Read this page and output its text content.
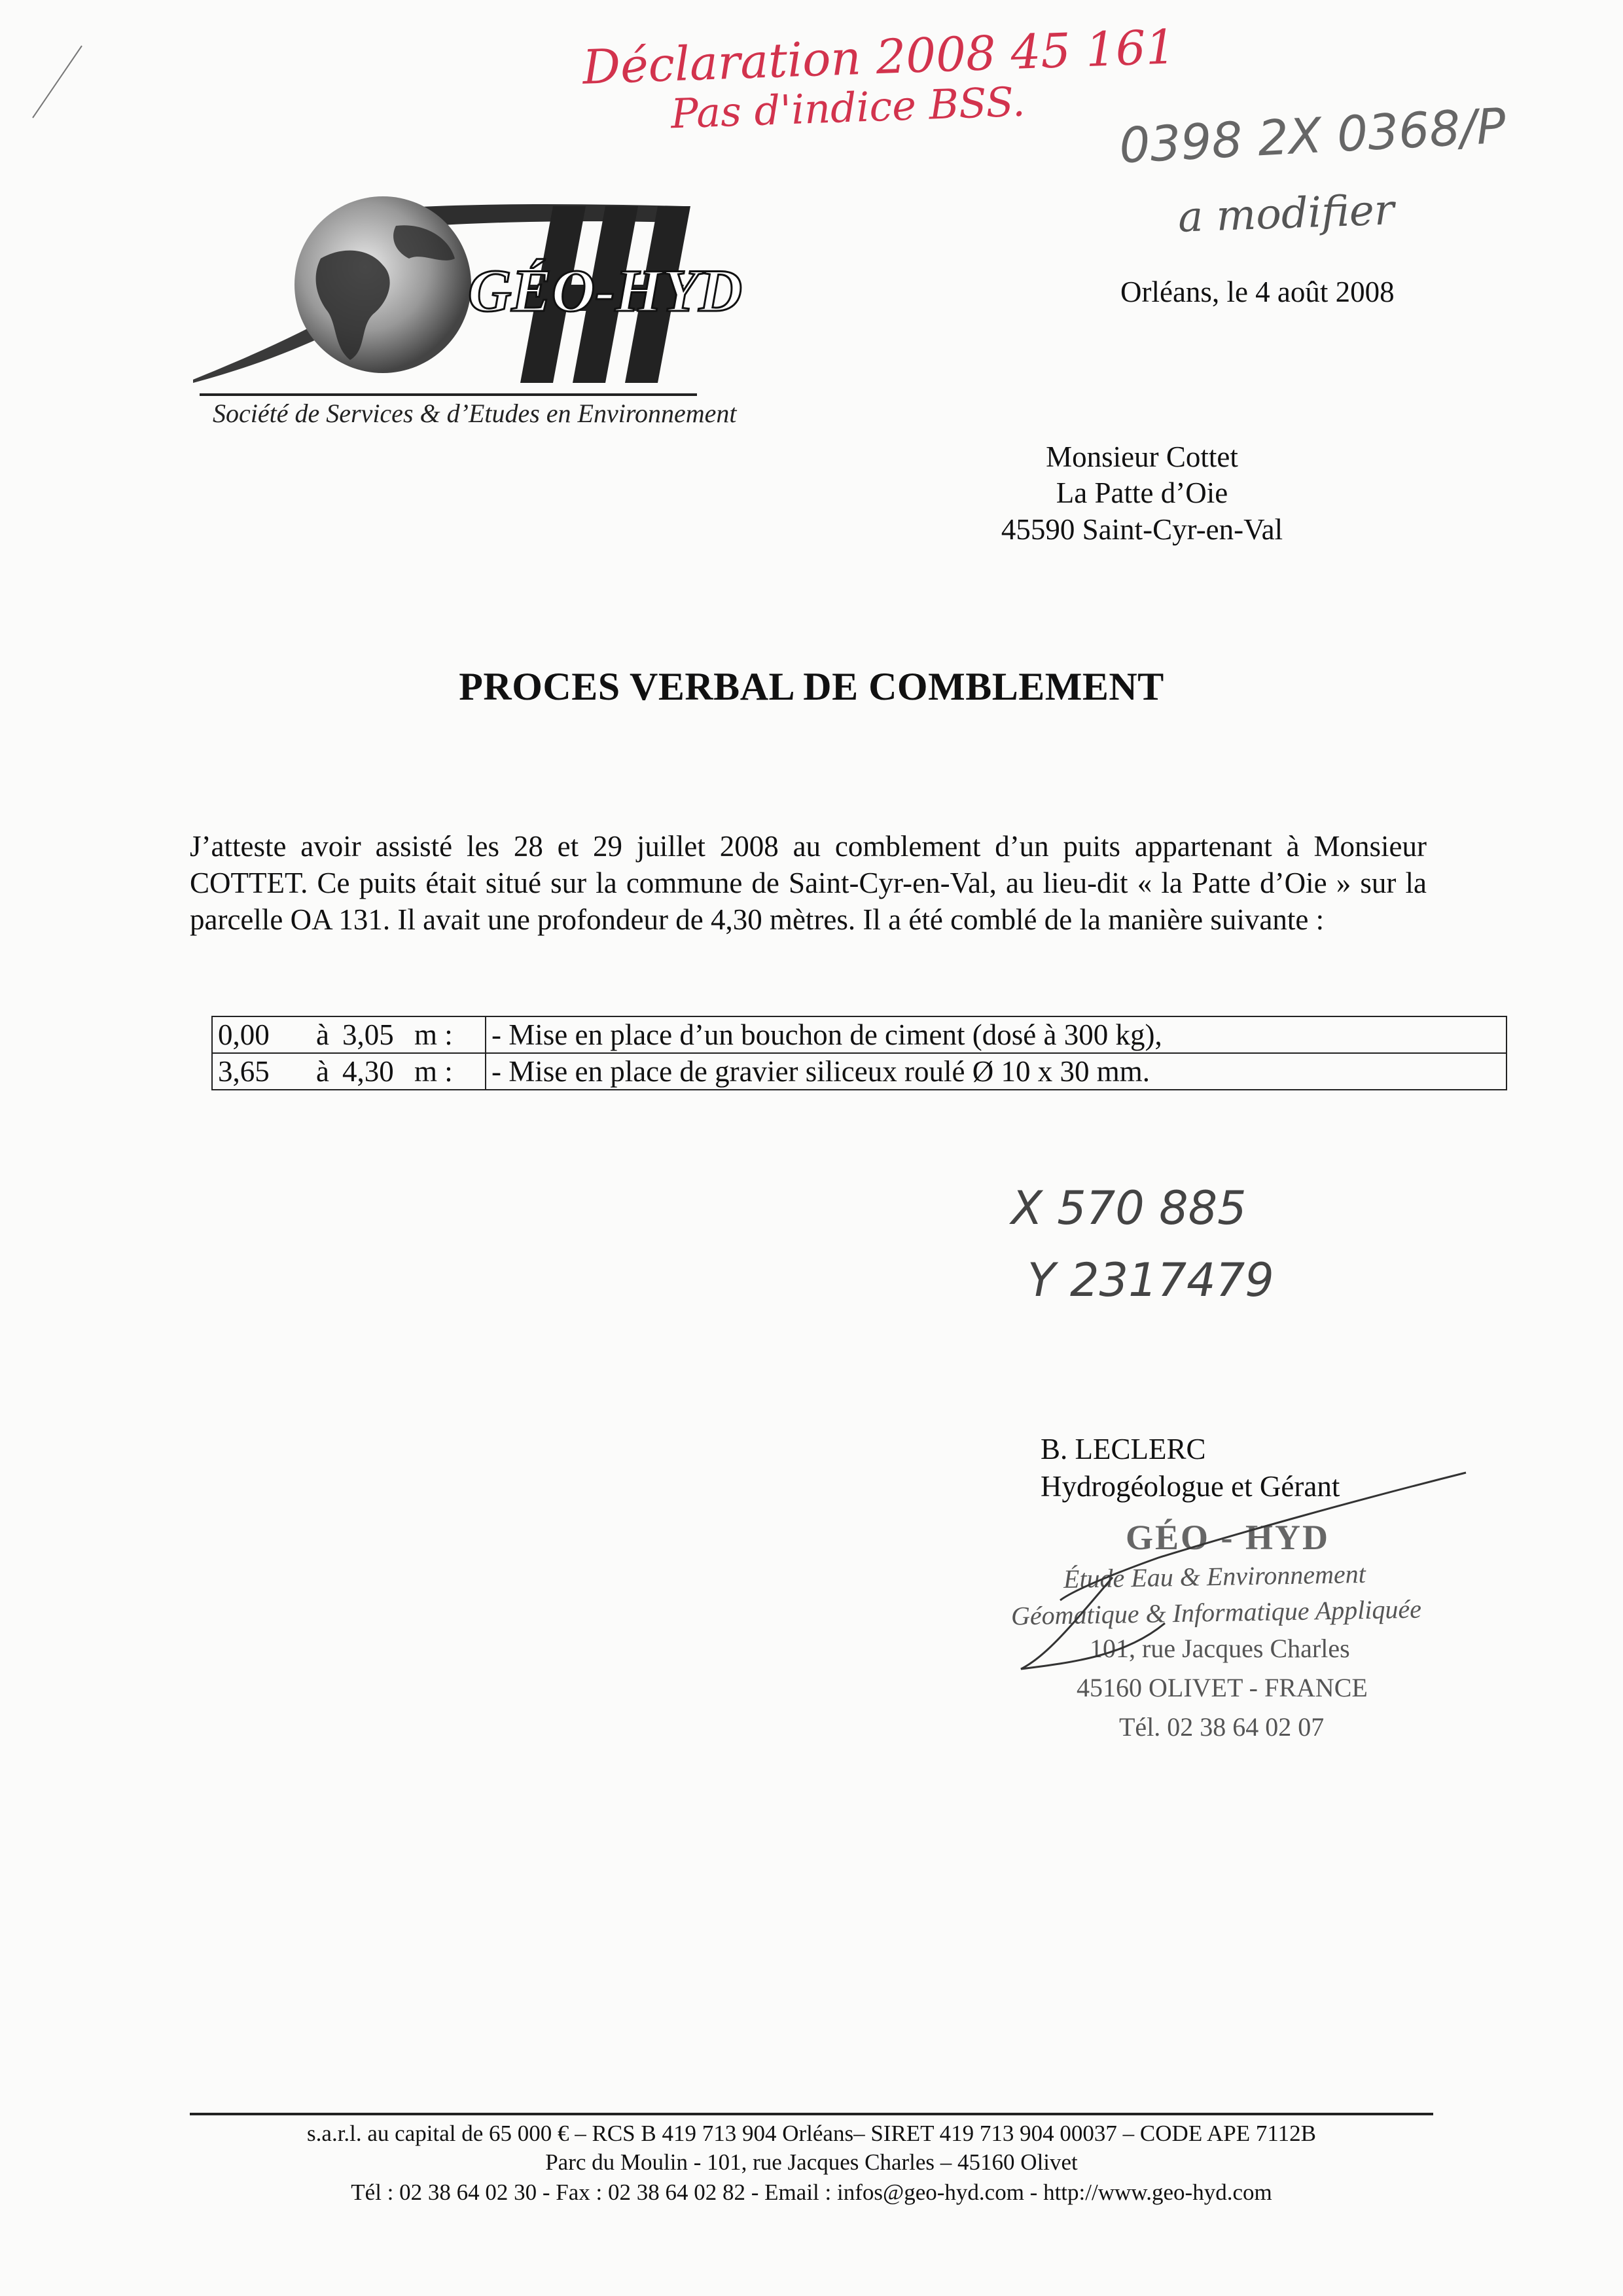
Déclaration 2008 45 161
Pas d'indice BSS. 0398 2X 0368/P
a modifier
GÉO-HYD
Société de Services & d’Etudes en Environnement
Orléans, le 4 août 2008
Monsieur Cottet
La Patte d’Oie
45590 Saint-Cyr-en-Val
PROCES VERBAL DE COMBLEMENT
J’atteste avoir assisté les 28 et 29 juillet 2008 au comblement d’un puits appartenant à Monsieur COTTET. Ce puits était situé sur la commune de Saint-Cyr-en-Val, au lieu-dit « la Patte d’Oie » sur la parcelle OA 131. Il avait une profondeur de 4,30 mètres. Il a été comblé de la manière suivante :
0,00 à 3,05 m :	- Mise en place d’un bouchon de ciment (dosé à 300 kg),
3,65 à 4,30 m :	- Mise en place de gravier siliceux roulé Ø 10 x 30 mm.
X 570 885
Y 2317479
B. LECLERC
Hydrogéologue et Gérant
GÉO - HYD
Étude Eau & Environnement
Géomatique & Informatique Appliquée
101, rue Jacques Charles
45160 OLIVET - FRANCE
Tél. 02 38 64 02 07
s.a.r.l. au capital de 65 000 € – RCS B 419 713 904 Orléans– SIRET 419 713 904 00037 – CODE APE 7112B
Parc du Moulin - 101, rue Jacques Charles – 45160 Olivet
Tél : 02 38 64 02 30 - Fax : 02 38 64 02 82 - Email : infos@geo-hyd.com - http://www.geo-hyd.com
